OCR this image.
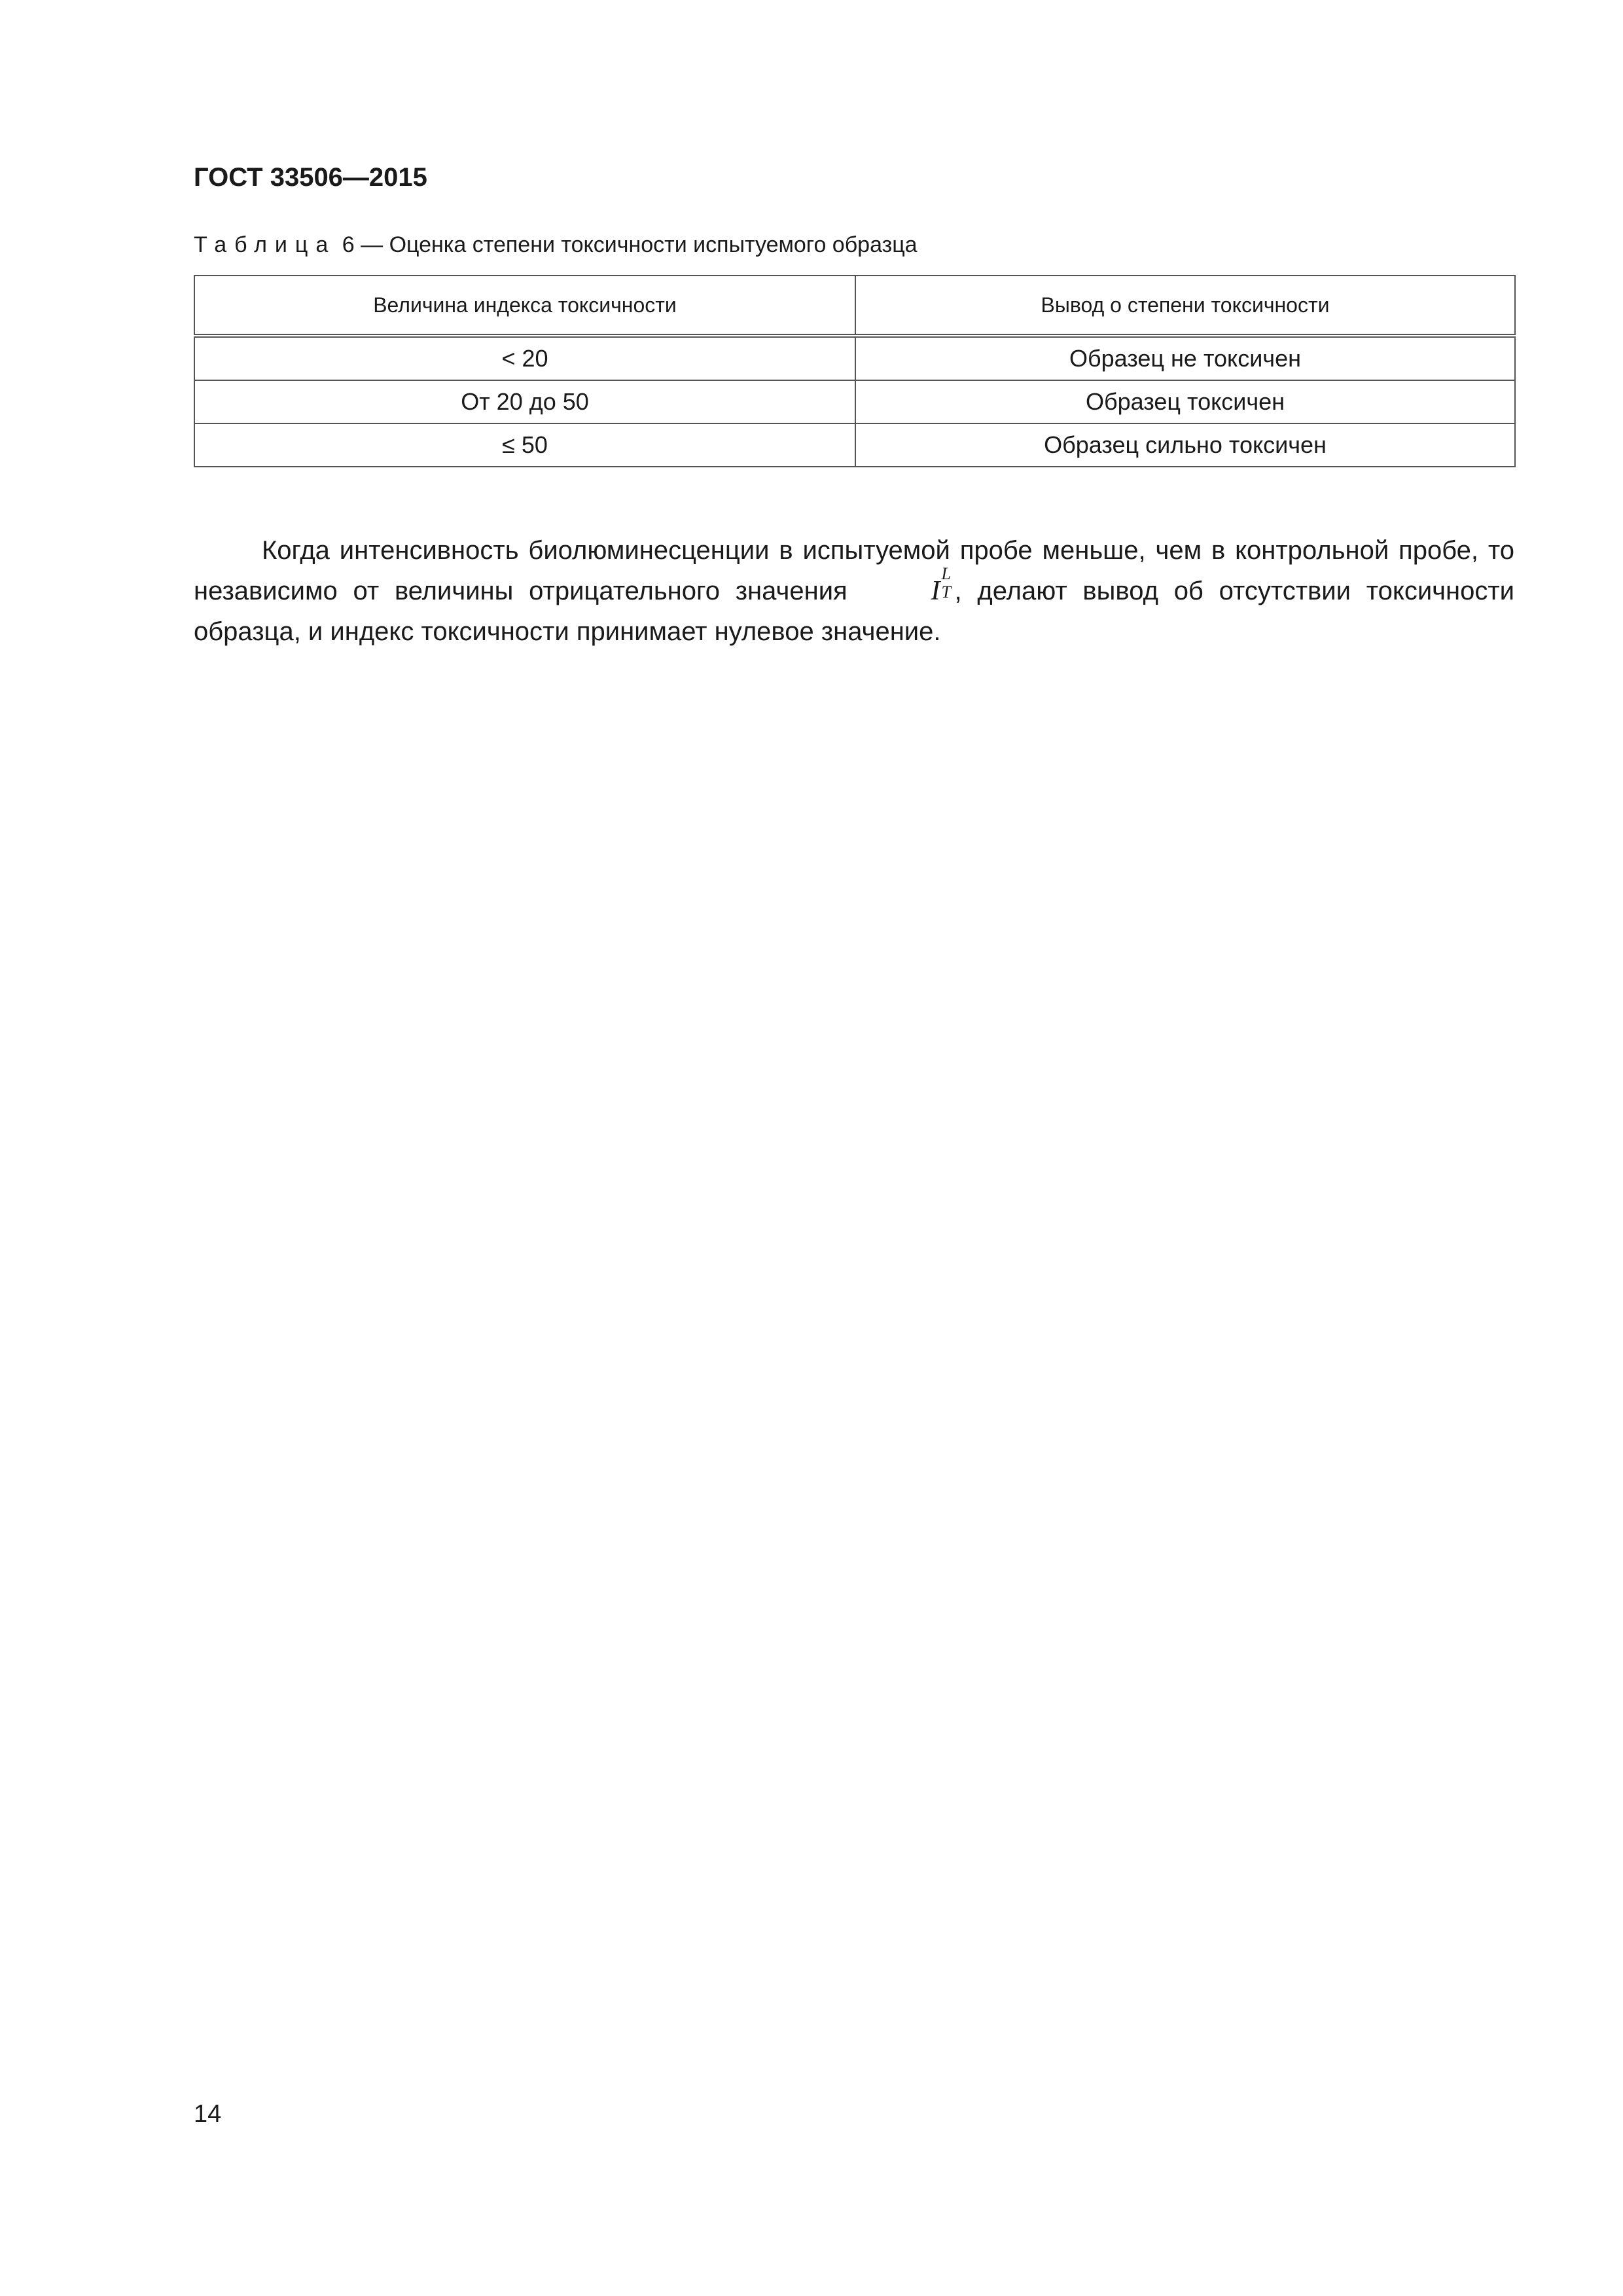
ГОСТ 33506—2015
Таблица 6 — Оценка степени токсичности испытуемого образца
Величина индекса токсичности	Вывод о степени токсичности
< 20	Образец не токсичен
От 20 до 50	Образец токсичен
≤ 50	Образец сильно токсичен

Когда интенсивность биолюминесценции в испытуемой пробе меньше, чем в контрольной пробе, то независимо от величины отрицательного значения	I
L
T , делают вывод об отсутствии токсичности образца, и индекс токсичности принимает нулевое значение.

14
